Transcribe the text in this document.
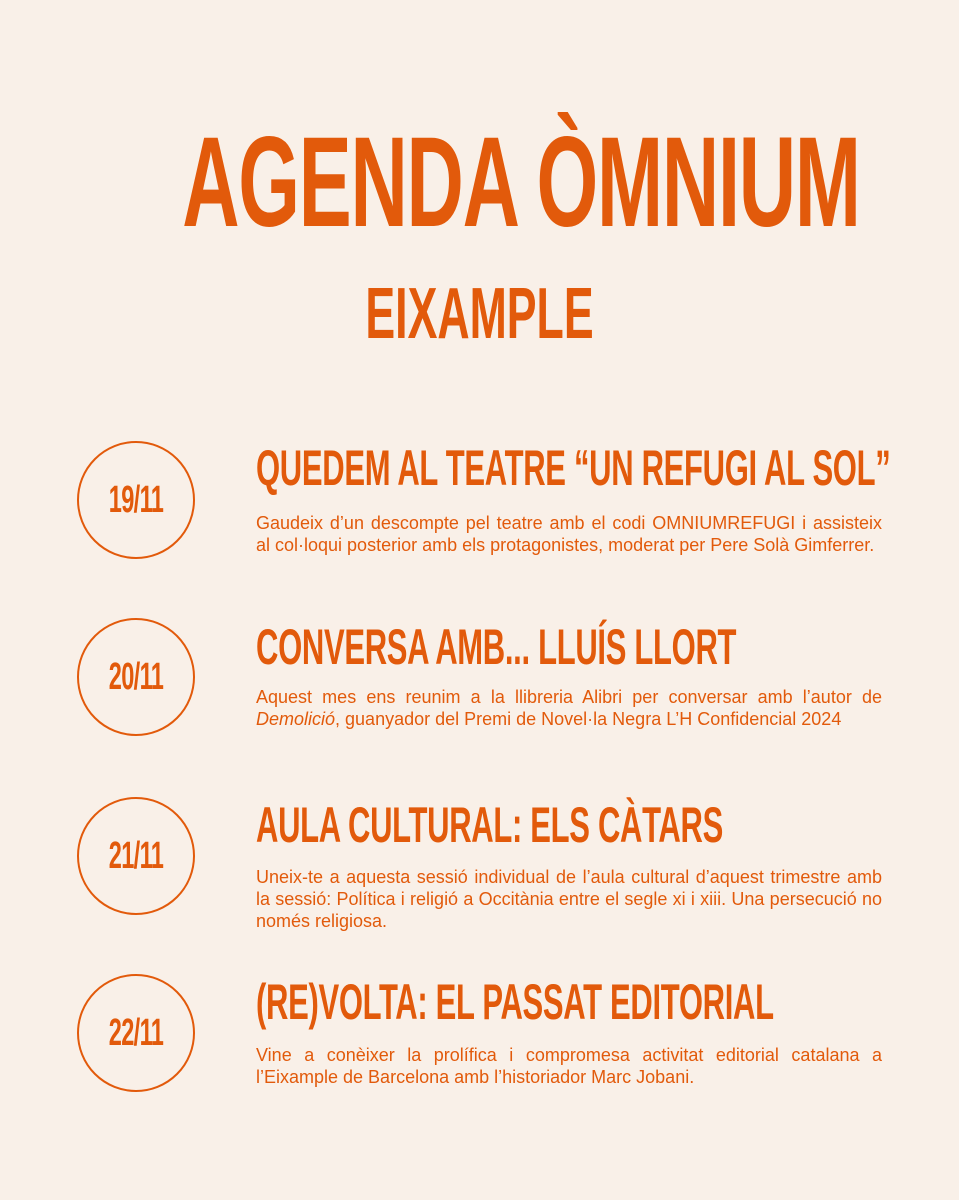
AGENDA ÒMNIUM
EIXAMPLE
19/11
QUEDEM AL TEATRE “UN REFUGI AL SOL”
Gaudeix d’un descompte pel teatre amb el codi OMNIUMREFUGI i assisteix al col·loqui posterior amb els protagonistes, moderat per Pere Solà Gimferrer.
20/11
CONVERSA AMB... LLUÍS LLORT
Aquest mes ens reunim a la llibreria Alibri per conversar amb l’autor de Demolició, guanyador del Premi de Novel·la Negra L’H Confidencial 2024
21/11
AULA CULTURAL: ELS CÀTARS
Uneix-te a aquesta sessió individual de l’aula cultural d’aquest trimestre amb la sessió: Política i religió a Occitània entre el segle xi i xiii. Una persecució no només religiosa.
22/11
(RE)VOLTA: EL PASSAT EDITORIAL
Vine a conèixer la prolífica i compromesa activitat editorial catalana a l’Eixample de Barcelona amb l’historiador Marc Jobani.
